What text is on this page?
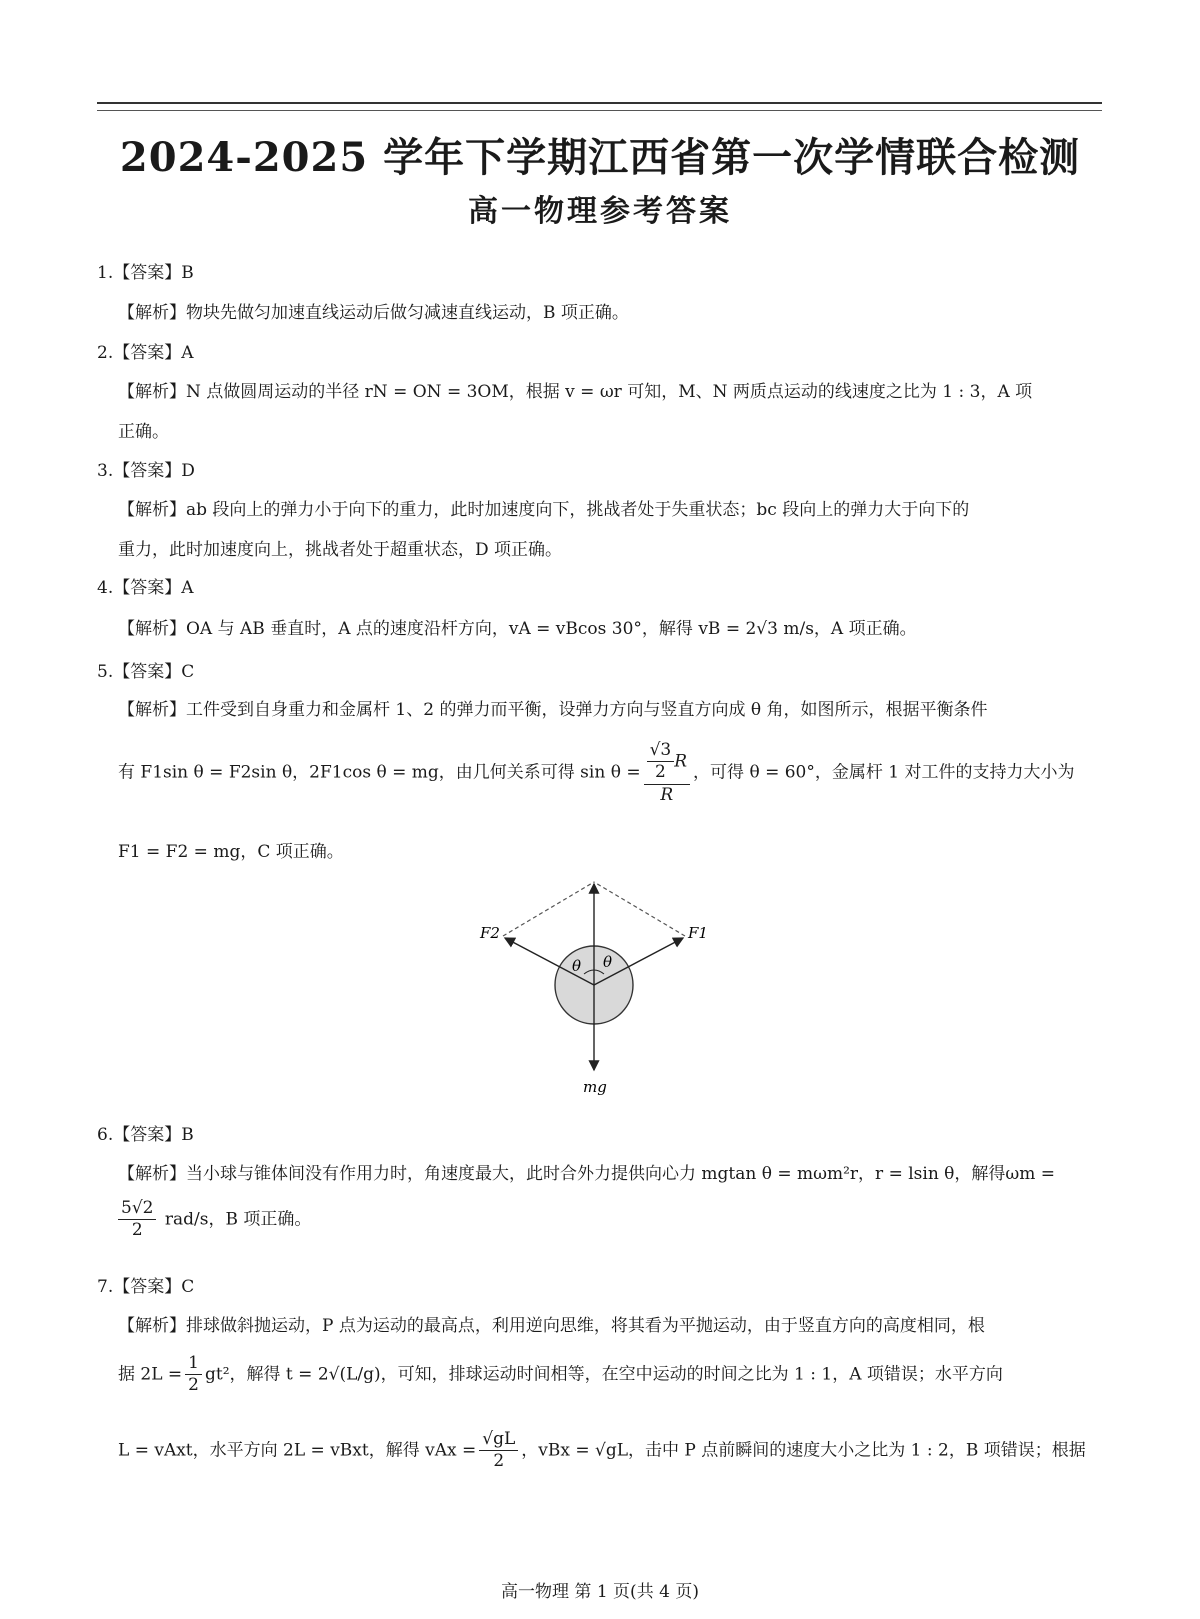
2024-2025 学年下学期江西省第一次学情联合检测
高一物理参考答案
1.【答案】B
【解析】物块先做匀加速直线运动后做匀减速直线运动，B 项正确。
2.【答案】A
【解析】N 点做圆周运动的半径 rN = ON = 3OM，根据 v = ωr 可知，M、N 两质点运动的线速度之比为 1 : 3，A 项
正确。
3.【答案】D
【解析】ab 段向上的弹力小于向下的重力，此时加速度向下，挑战者处于失重状态；bc 段向上的弹力大于向下的
重力，此时加速度向上，挑战者处于超重状态，D 项正确。
4.【答案】A
【解析】OA 与 AB 垂直时，A 点的速度沿杆方向，vA = vBcos 30°，解得 vB = 2√3 m/s，A 项正确。
5.【答案】C
【解析】工件受到自身重力和金属杆 1、2 的弹力而平衡，设弹力方向与竖直方向成 θ 角，如图所示，根据平衡条件
有 F1sin θ = F2sin θ，2F1cos θ = mg，由几何关系可得 $\sin \theta = \frac{\frac{√3}{2} R}{R}$ ，可得 θ = 60°，金属杆 1 对工件的支持力大小为
F1 = F2 = mg，C 项正确。
θ θ
F2	F1
mg
6.【答案】B
【解析】当小球与锥体间没有作用力时，角速度最大，此时合外力提供向心力 mgtan θ = mωm²r，r = lsin θ，解得ωm =
$\frac{5√2}{2} rad/s$，B 项正确。
7.【答案】C
【解析】排球做斜抛运动，P 点为运动的最高点，利用逆向思维，将其看为平抛运动，由于竖直方向的高度相同，根
据 $2L = \frac{1}{2} gt^2$，解得 t = 2√(L/g)，可知，排球运动时间相等，在空中运动的时间之比为 1 : 1，A 项错误；水平方向
L = vAxt，水平方向 2L = vBxt，解得 vAx = $\frac{√gL}{2}$ ，vBx = √gL，击中 P 点前瞬间的速度大小之比为 1 : 2，B 项错误；根据
高一物理 第 1 页(共 4 页)
